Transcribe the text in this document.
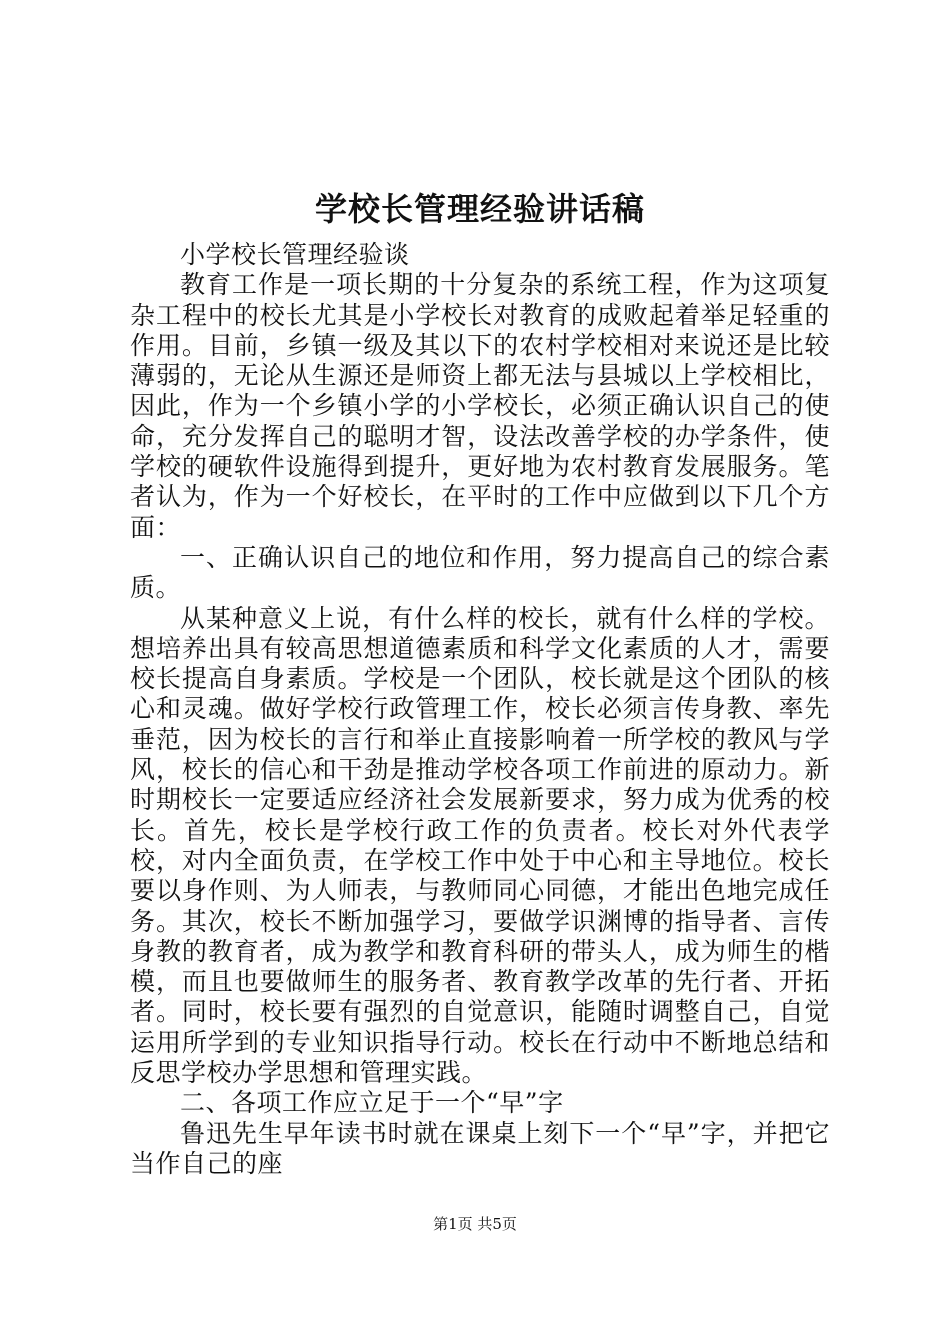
学校长管理经验讲话稿

小学校长管理经验谈

教育工作是一项长期的十分复杂的系统工程，作为这项复杂工程中的校长尤其是小学校长对教育的成败起着举足轻重的作用。目前，乡镇一级及其以下的农村学校相对来说还是比较薄弱的，无论从生源还是师资上都无法与县城以上学校相比，因此，作为一个乡镇小学的小学校长，必须正确认识自己的使命，充分发挥自己的聪明才智，设法改善学校的办学条件，使学校的硬软件设施得到提升，更好地为农村教育发展服务。笔者认为，作为一个好校长，在平时的工作中应做到以下几个方面：

一、正确认识自己的地位和作用，努力提高自己的综合素质。

从某种意义上说，有什么样的校长，就有什么样的学校。想培养出具有较高思想道德素质和科学文化素质的人才，需要校长提高自身素质。学校是一个团队，校长就是这个团队的核心和灵魂。做好学校行政管理工作，校长必须言传身教、率先垂范，因为校长的言行和举止直接影响着一所学校的教风与学风，校长的信心和干劲是推动学校各项工作前进的原动力。新时期校长一定要适应经济社会发展新要求，努力成为优秀的校长。首先，校长是学校行政工作的负责者。校长对外代表学校，对内全面负责，在学校工作中处于中心和主导地位。校长要以身作则、为人师表，与教师同心同德，才能出色地完成任务。其次，校长不断加强学习，要做学识渊博的指导者、言传身教的教育者，成为教学和教育科研的带头人，成为师生的楷模，而且也要做师生的服务者、教育教学改革的先行者、开拓者。同时，校长要有强烈的自觉意识，能随时调整自己，自觉运用所学到的专业知识指导行动。校长在行动中不断地总结和反思学校办学思想和管理实践。

二、各项工作应立足于一个“早”字

鲁迅先生早年读书时就在课桌上刻下一个“早”字，并把它当作自己的座

第1页 共5页
